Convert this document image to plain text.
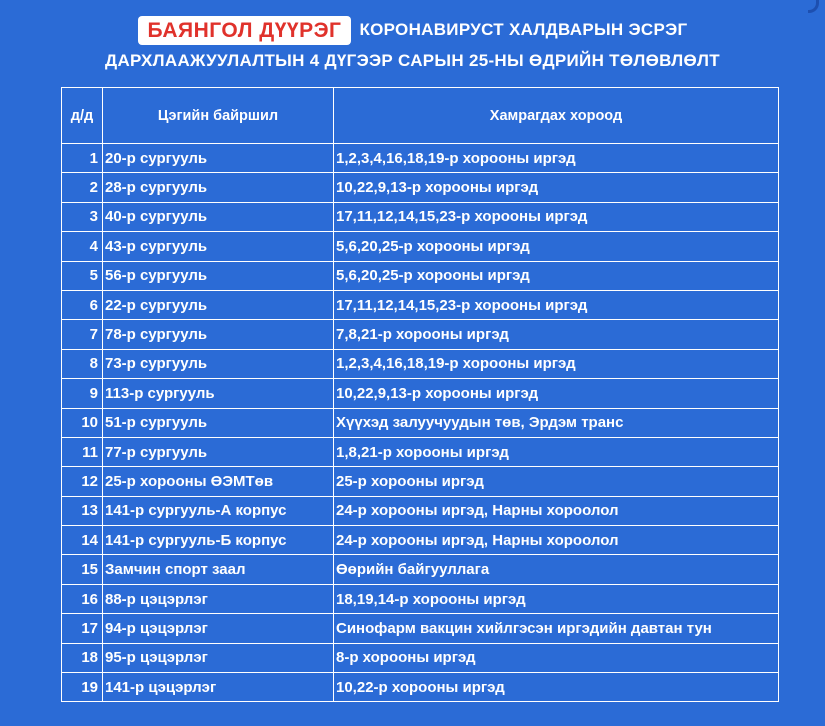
БАЯНГОЛ ДҮҮРЭГ	КОРОНАВИРУСТ ХАЛДВАРЫН ЭСРЭГ
ДАРХЛААЖУУЛАЛТЫН 4 ДҮГЭЭР САРЫН 25-НЫ ӨДРИЙН ТӨЛӨВЛӨЛТ
д/д	Цэгийн байршил	Хамрагдах хороод
1	20-р сургууль	1,2,3,4,16,18,19-р хорооны иргэд
2	28-р сургууль	10,22,9,13-р хорооны иргэд
3	40-р сургууль	17,11,12,14,15,23-р хорооны иргэд
4	43-р сургууль	5,6,20,25-р хорооны иргэд
5	56-р сургууль	5,6,20,25-р хорооны иргэд
6	22-р сургууль	17,11,12,14,15,23-р хорооны иргэд
7	78-р сургууль	7,8,21-р хорооны иргэд
8	73-р сургууль	1,2,3,4,16,18,19-р хорооны иргэд
9	113-р сургууль	10,22,9,13-р хорооны иргэд
10	51-р сургууль	Хүүхэд залуучуудын төв, Эрдэм транс
11	77-р сургууль	1,8,21-р хорооны иргэд
12	25-р хорооны ӨЭМТөв	25-р хорооны иргэд
13	141-р сургууль-А корпус	24-р хорооны иргэд, Нарны хороолол
14	141-р сургууль-Б корпус	24-р хорооны иргэд, Нарны хороолол
15	Замчин спорт заал	Өөрийн байгууллага
16	88-р цэцэрлэг	18,19,14-р хорооны иргэд
17	94-р цэцэрлэг	Синофарм вакцин хийлгэсэн иргэдийн давтан тун
18	95-р цэцэрлэг	8-р хорооны иргэд
19	141-р цэцэрлэг	10,22-р хорооны иргэд
